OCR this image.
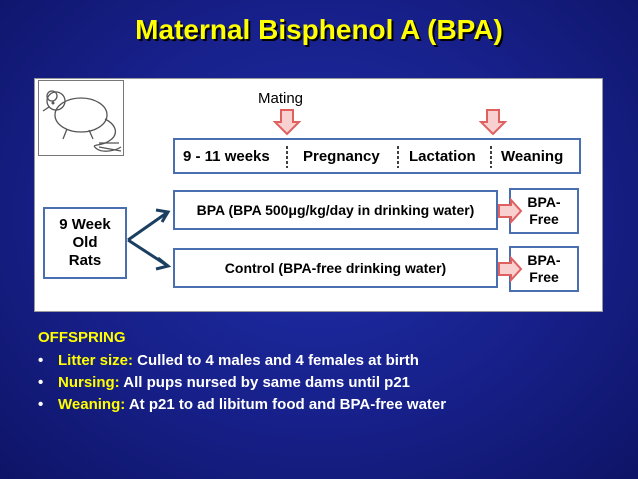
Maternal Bisphenol A (BPA)
Mating
9 - 11 weeks Pregnancy Lactation Weaning
9 Week
Old
Rats
BPA (BPA 500μg/kg/day in drinking water)
Control (BPA-free drinking water)
BPA-
Free
BPA-
Free
OFFSPRING
• Litter size: Culled to 4 males and 4 females at birth
• Nursing: All pups nursed by same dams until p21
• Weaning: At p21 to ad libitum food and BPA-free water
